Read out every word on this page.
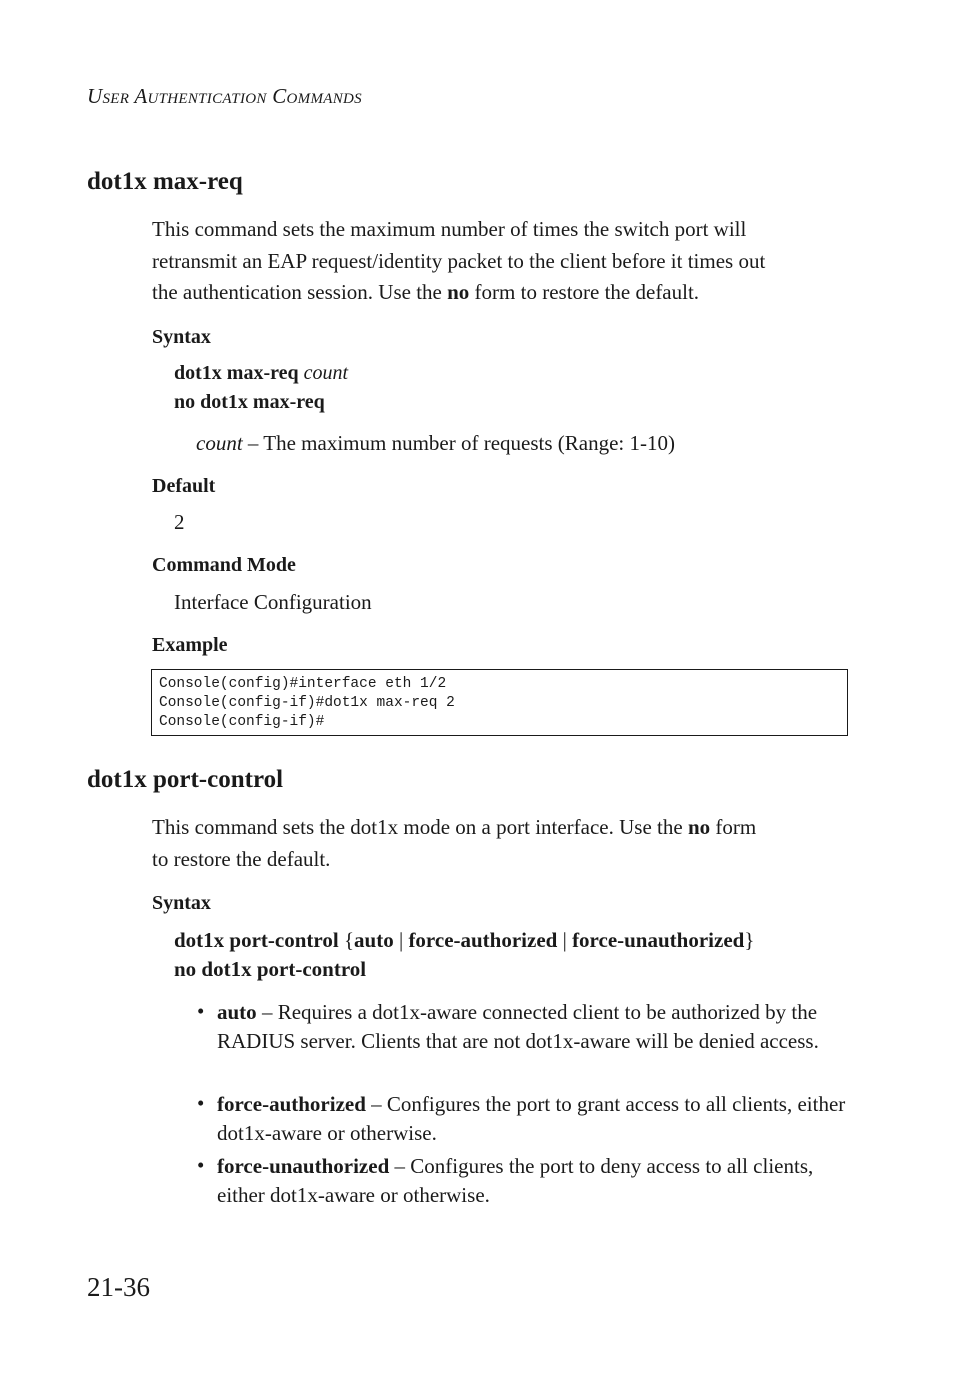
User Authentication Commands
dot1x max-req
This command sets the maximum number of times the switch port will
retransmit an EAP request/identity packet to the client before it times out
the authentication session. Use the no form to restore the default.
Syntax
dot1x max-req count
no dot1x max-req
count – The maximum number of requests (Range: 1-10)
Default
2
Command Mode
Interface Configuration
Example
Console(config)#interface eth 1/2
Console(config-if)#dot1x max-req 2
Console(config-if)#
dot1x port-control
This command sets the dot1x mode on a port interface. Use the no form
to restore the default.
Syntax
dot1x port-control {auto | force-authorized | force-unauthorized}
no dot1x port-control
• auto – Requires a dot1x-aware connected client to be authorized by the RADIUS server. Clients that are not dot1x-aware will be denied access.
• force-authorized – Configures the port to grant access to all clients, either   dot1x-aware or otherwise.
• force-unauthorized – Configures the port to deny access to all clients, either dot1x-aware or otherwise.
21-36
